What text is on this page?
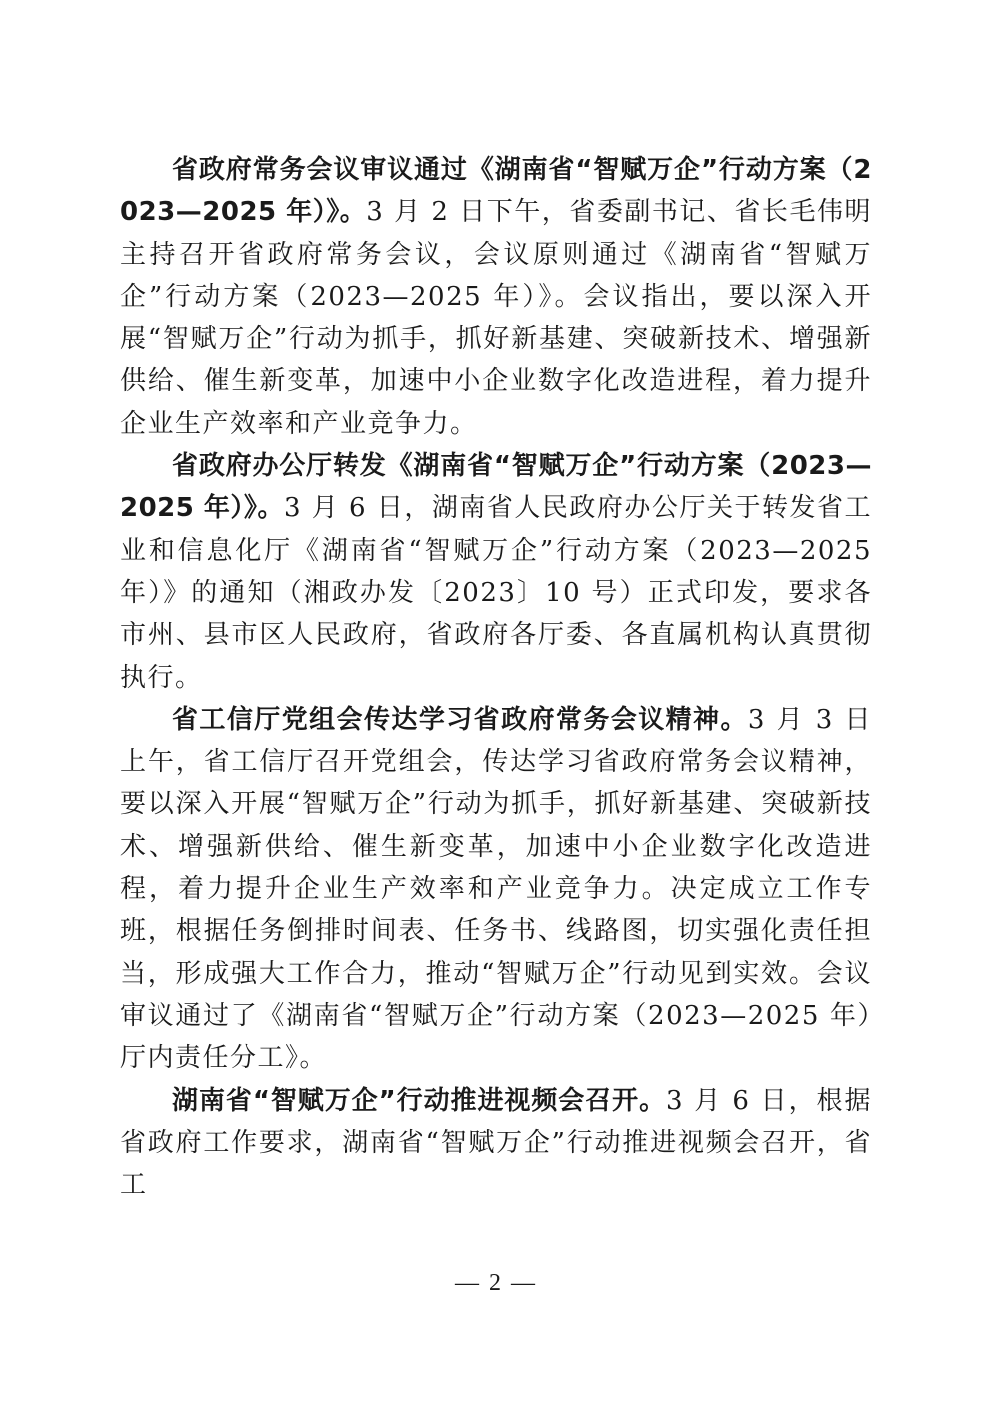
省政府常务会议审议通过《湖南省“智赋万企”行动方案（2023—2025 年）》。3 月 2 日下午，省委副书记、省长毛伟明主持召开省政府常务会议，会议原则通过《湖南省“智赋万企”行动方案（2023—2025 年）》。会议指出，要以深入开展“智赋万企”行动为抓手，抓好新基建、突破新技术、增强新供给、催生新变革，加速中小企业数字化改造进程，着力提升企业生产效率和产业竞争力。

省政府办公厅转发《湖南省“智赋万企”行动方案（2023—2025 年）》。3 月 6 日，湖南省人民政府办公厅关于转发省工业和信息化厅《湖南省“智赋万企”行动方案（2023—2025 年）》的通知（湘政办发〔2023〕10 号）正式印发，要求各市州、县市区人民政府，省政府各厅委、各直属机构认真贯彻执行。

省工信厅党组会传达学习省政府常务会议精神。3 月 3 日上午，省工信厅召开党组会，传达学习省政府常务会议精神，要以深入开展“智赋万企”行动为抓手，抓好新基建、突破新技术、增强新供给、催生新变革，加速中小企业数字化改造进程，着力提升企业生产效率和产业竞争力。决定成立工作专班，根据任务倒排时间表、任务书、线路图，切实强化责任担当，形成强大工作合力，推动“智赋万企”行动见到实效。会议审议通过了《湖南省“智赋万企”行动方案（2023—2025 年）厅内责任分工》。

湖南省“智赋万企”行动推进视频会召开。3 月 6 日，根据省政府工作要求，湖南省“智赋万企”行动推进视频会召开，省工

— 2 —
